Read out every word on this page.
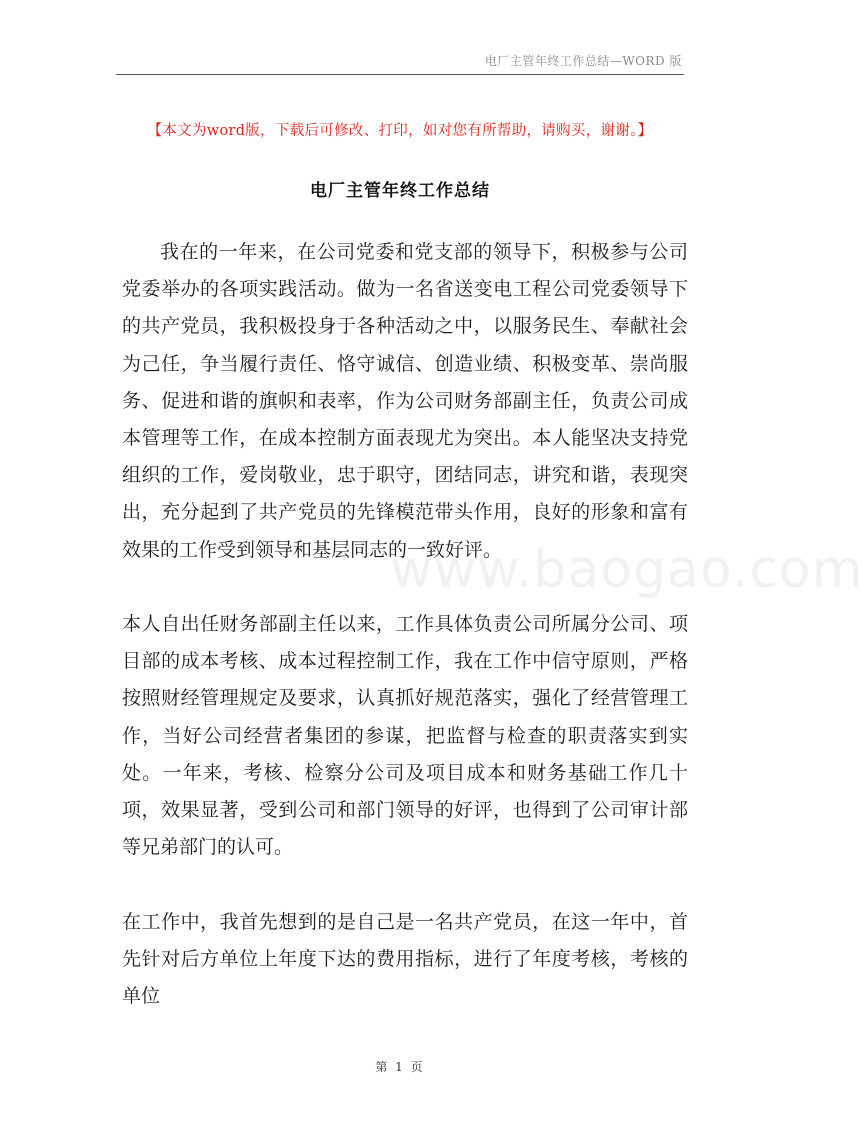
电厂主管年终工作总结—WORD 版
【本文为word版，下载后可修改、打印，如对您有所帮助，请购买，谢谢。】
电厂主管年终工作总结
www.baogao.com

我在的一年来，在公司党委和党支部的领导下，积极参与公司党委举办的各项实践活动。做为一名省送变电工程公司党委领导下的共产党员，我积极投身于各种活动之中，以服务民生、奉献社会为己任，争当履行责任、恪守诚信、创造业绩、积极变革、崇尚服务、促进和谐的旗帜和表率，作为公司财务部副主任，负责公司成本管理等工作，在成本控制方面表现尤为突出。本人能坚决支持党组织的工作，爱岗敬业，忠于职守，团结同志，讲究和谐，表现突出，充分起到了共产党员的先锋模范带头作用，良好的形象和富有效果的工作受到领导和基层同志的一致好评。

本人自出任财务部副主任以来，工作具体负责公司所属分公司、项目部的成本考核、成本过程控制工作，我在工作中信守原则，严格按照财经管理规定及要求，认真抓好规范落实，强化了经营管理工作，当好公司经营者集团的参谋，把监督与检查的职责落实到实处。一年来，考核、检察分公司及项目成本和财务基础工作几十项，效果显著，受到公司和部门领导的好评，也得到了公司审计部等兄弟部门的认可。

在工作中，我首先想到的是自己是一名共产党员，在这一年中，首先针对后方单位上年度下达的费用指标，进行了年度考核，考核的单位

第 1 页
